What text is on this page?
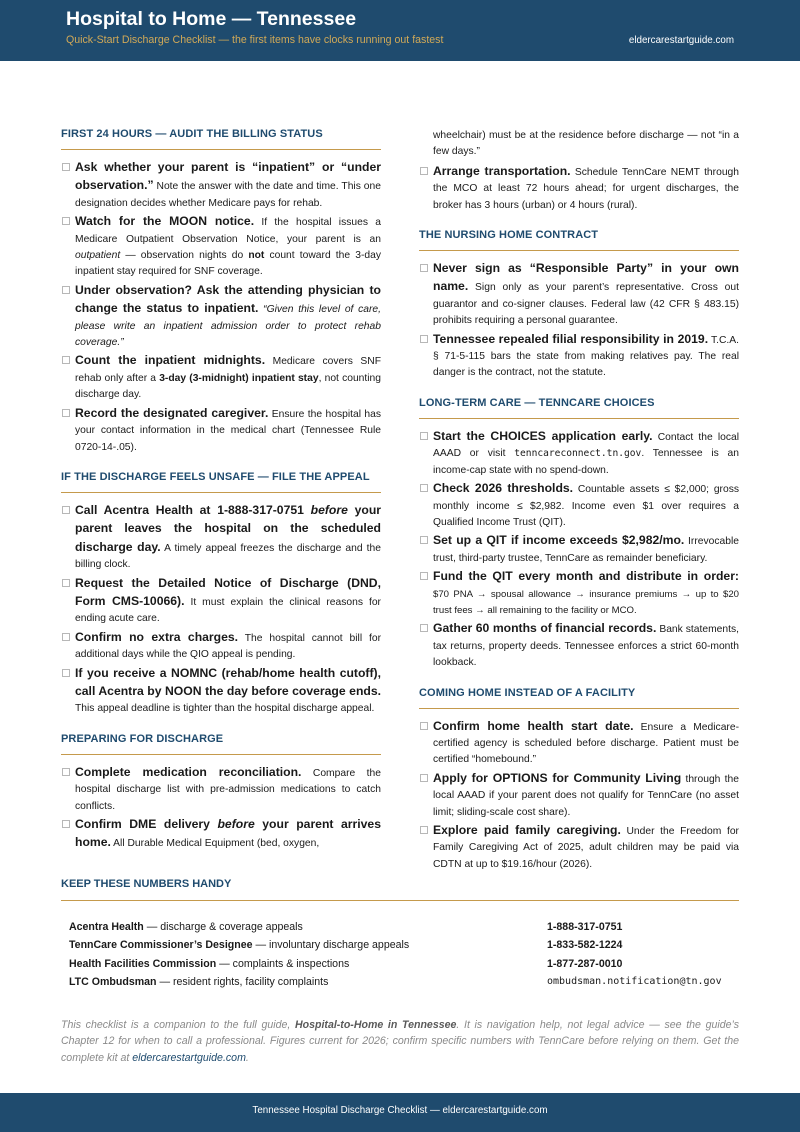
Hospital to Home — Tennessee
Quick-Start Discharge Checklist — the first items have clocks running out fastest	eldercarestartguide.com
FIRST 24 HOURS — AUDIT THE BILLING STATUS
Ask whether your parent is “inpatient” or “under observation.” Note the answer with the date and time. This one designation decides whether Medicare pays for rehab.
Watch for the MOON notice. If the hospital issues a Medicare Outpatient Observation Notice, your parent is an outpatient — observation nights do not count toward the 3-day inpatient stay required for SNF coverage.
Under observation? Ask the attending physician to change the status to inpatient. “Given this level of care, please write an inpatient admission order to protect rehab coverage.”
Count the inpatient midnights. Medicare covers SNF rehab only after a 3-day (3-midnight) inpatient stay, not counting discharge day.
Record the designated caregiver. Ensure the hospital has your contact information in the medical chart (Tennessee Rule 0720-14-.05).
IF THE DISCHARGE FEELS UNSAFE — FILE THE APPEAL
Call Acentra Health at 1-888-317-0751 before your parent leaves the hospital on the scheduled discharge day. A timely appeal freezes the discharge and the billing clock.
Request the Detailed Notice of Discharge (DND, Form CMS-10066). It must explain the clinical reasons for ending acute care.
Confirm no extra charges. The hospital cannot bill for additional days while the QIO appeal is pending.
If you receive a NOMNC (rehab/home health cutoff), call Acentra by NOON the day before coverage ends. This appeal deadline is tighter than the hospital discharge appeal.
PREPARING FOR DISCHARGE
Complete medication reconciliation. Compare the hospital discharge list with pre-admission medications to catch conflicts.
Confirm DME delivery before your parent arrives home. All Durable Medical Equipment (bed, oxygen,
wheelchair) must be at the residence before discharge — not “in a few days.”
Arrange transportation. Schedule TennCare NEMT through the MCO at least 72 hours ahead; for urgent discharges, the broker has 3 hours (urban) or 4 hours (rural).
THE NURSING HOME CONTRACT
Never sign as “Responsible Party” in your own name. Sign only as your parent’s representative. Cross out guarantor and co-signer clauses. Federal law (42 CFR § 483.15) prohibits requiring a personal guarantee.
Tennessee repealed filial responsibility in 2019. T.C.A. § 71-5-115 bars the state from making relatives pay. The real danger is the contract, not the statute.
LONG-TERM CARE — TENNCARE CHOICES
Start the CHOICES application early. Contact the local AAAD or visit tenncareconnect.tn.gov. Tennessee is an income-cap state with no spend-down.
Check 2026 thresholds. Countable assets ≤ $2,000; gross monthly income ≤ $2,982. Income even $1 over requires a Qualified Income Trust (QIT).
Set up a QIT if income exceeds $2,982/mo. Irrevocable trust, third-party trustee, TennCare as remainder beneficiary.
Fund the QIT every month and distribute in order: $70 PNA → spousal allowance → insurance premiums → up to $20 trust fees → all remaining to the facility or MCO.
Gather 60 months of financial records. Bank statements, tax returns, property deeds. Tennessee enforces a strict 60-month lookback.
COMING HOME INSTEAD OF A FACILITY
Confirm home health start date. Ensure a Medicare-certified agency is scheduled before discharge. Patient must be certified “homebound.”
Apply for OPTIONS for Community Living through the local AAAD if your parent does not qualify for TennCare (no asset limit; sliding-scale cost share).
Explore paid family caregiving. Under the Freedom for Family Caregiving Act of 2025, adult children may be paid via CDTN at up to $19.16/hour (2026).
KEEP THESE NUMBERS HANDY
Acentra Health — discharge & coverage appeals	1-888-317-0751
TennCare Commissioner’s Designee — involuntary discharge appeals	1-833-582-1224
Health Facilities Commission — complaints & inspections	1-877-287-0010
LTC Ombudsman — resident rights, facility complaints	ombudsman.notification@tn.gov
This checklist is a companion to the full guide, Hospital-to-Home in Tennessee. It is navigation help, not legal advice — see the guide’s Chapter 12 for when to call a professional. Figures current for 2026; confirm specific numbers with TennCare before relying on them. Get the complete kit at eldercarestartguide.com.
Tennessee Hospital Discharge Checklist — eldercarestartguide.com
